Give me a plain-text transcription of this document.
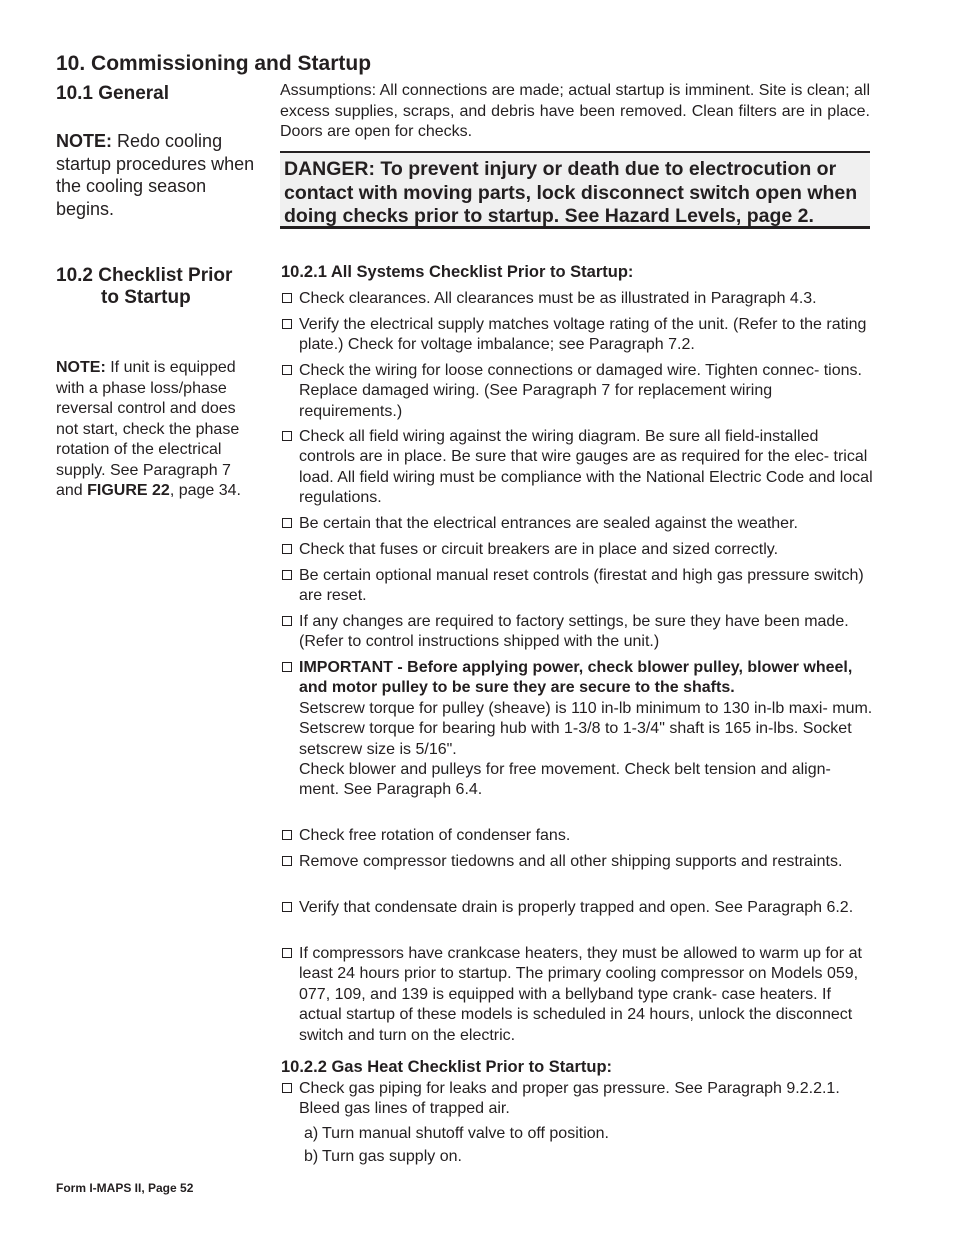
10. Commissioning and Startup
10.1 General
NOTE: Redo cooling startup procedures when the cooling season begins.
Assumptions: All connections are made; actual startup is imminent. Site is clean; all excess supplies, scraps, and debris have been removed. Clean filters are in place. Doors are open for checks.
DANGER: To prevent injury or death due to electrocution or contact with moving parts, lock disconnect switch open when doing checks prior to startup. See Hazard Levels, page 2.
10.2 Checklist Prior
to Startup
NOTE: If unit is equipped with a phase loss/phase reversal control and does not start, check the phase rotation of the electrical supply. See Paragraph 7 and FIGURE 22, page 34.
10.2.1 All Systems Checklist Prior to Startup:
Check clearances. All clearances must be as illustrated in Paragraph 4.3.
Verify the electrical supply matches voltage rating of the unit. (Refer to the rating plate.) Check for voltage imbalance; see Paragraph 7.2.
Check the wiring for loose connections or damaged wire. Tighten connec- tions. Replace damaged wiring. (See Paragraph 7 for replacement wiring requirements.)
Check all field wiring against the wiring diagram. Be sure all field-installed controls are in place. Be sure that wire gauges are as required for the elec- trical load. All field wiring must be compliance with the National Electric Code and local regulations.
Be certain that the electrical entrances are sealed against the weather.
Check that fuses or circuit breakers are in place and sized correctly.
Be certain optional manual reset controls (firestat and high gas pressure switch) are reset.
If any changes are required to factory settings, be sure they have been made. (Refer to control instructions shipped with the unit.)
IMPORTANT - Before applying power, check blower pulley, blower wheel, and motor pulley to be sure they are secure to the shafts.
Setscrew torque for pulley (sheave) is 110 in-lb minimum to 130 in-lb maxi- mum.
Setscrew torque for bearing hub with 1-3/8 to 1-3/4" shaft is 165 in-lbs. Socket setscrew size is 5/16".
Check blower and pulleys for free movement. Check belt tension and align- ment. See Paragraph 6.4.
Check free rotation of condenser fans.
Remove compressor tiedowns and all other shipping supports and restraints.
Verify that condensate drain is properly trapped and open. See Paragraph 6.2.
If compressors have crankcase heaters, they must be allowed to warm up for at least 24 hours prior to startup. The primary cooling compressor on Models 059, 077, 109, and 139 is equipped with a bellyband type crank- case heaters. If actual startup of these models is scheduled in 24 hours, unlock the disconnect switch and turn on the electric.
10.2.2 Gas Heat Checklist Prior to Startup:
Check gas piping for leaks and proper gas pressure. See Paragraph 9.2.2.1. Bleed gas lines of trapped air.
a) Turn manual shutoff valve to off position.
b) Turn gas supply on.
Form I-MAPS II, Page 52
